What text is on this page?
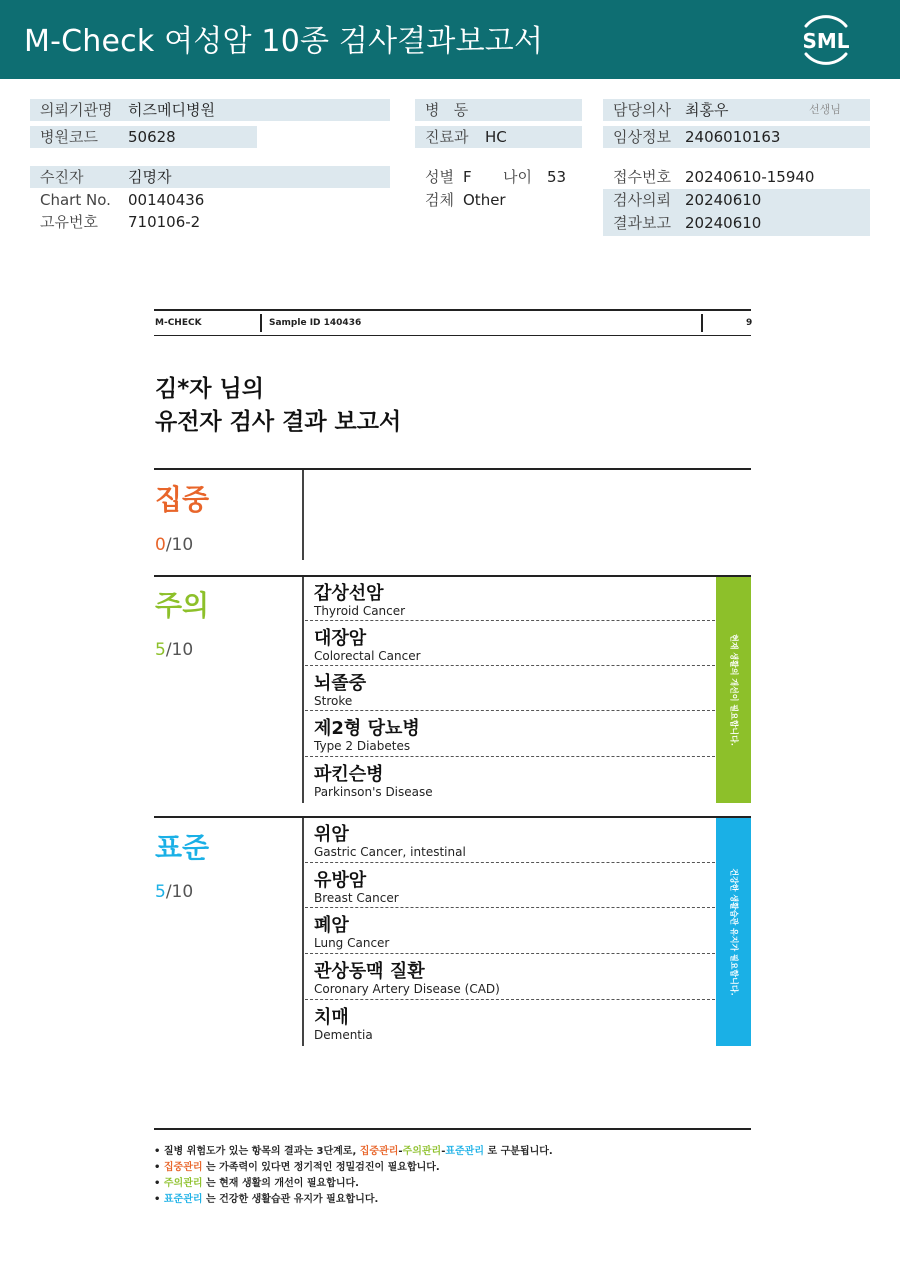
M-Check 여성암 10종 검사결과보고서	SML
의뢰기관명 히즈메디병원
병원코드 50628
수진자	김명자
Chart No. 00140436
고유번호 710106-2
병   동
진료과 HC
성별 F 나이 53
검체 Other
담당의사 최홍우	선생님
임상정보 2406010163
접수번호 20240610-15940
검사의뢰 20240610
결과보고 20240610
M-CHECK	Sample ID 140436	9
김*자 님의
유전자 검사 결과 보고서
집중
0/10
주의
5/10
갑상선암
Thyroid Cancer
대장암
Colorectal Cancer
뇌졸중
Stroke
제2형 당뇨병
Type 2 Diabetes
파킨슨병
Parkinson's Disease
현재 생활의 개선이 필요합니다.
표준
5/10
위암
Gastric Cancer, intestinal
유방암
Breast Cancer
폐암
Lung Cancer
관상동맥 질환
Coronary Artery Disease (CAD)
치매
Dementia
건강한 생활습관 유지가 필요합니다.
• 질병 위험도가 있는 항목의 결과는 3단계로, 집중관리-주의관리-표준관리 로 구분됩니다.
• 집중관리 는 가족력이 있다면 정기적인 정밀검진이 필요합니다.
• 주의관리 는 현재 생활의 개선이 필요합니다.
• 표준관리 는 건강한 생활습관 유지가 필요합니다.
